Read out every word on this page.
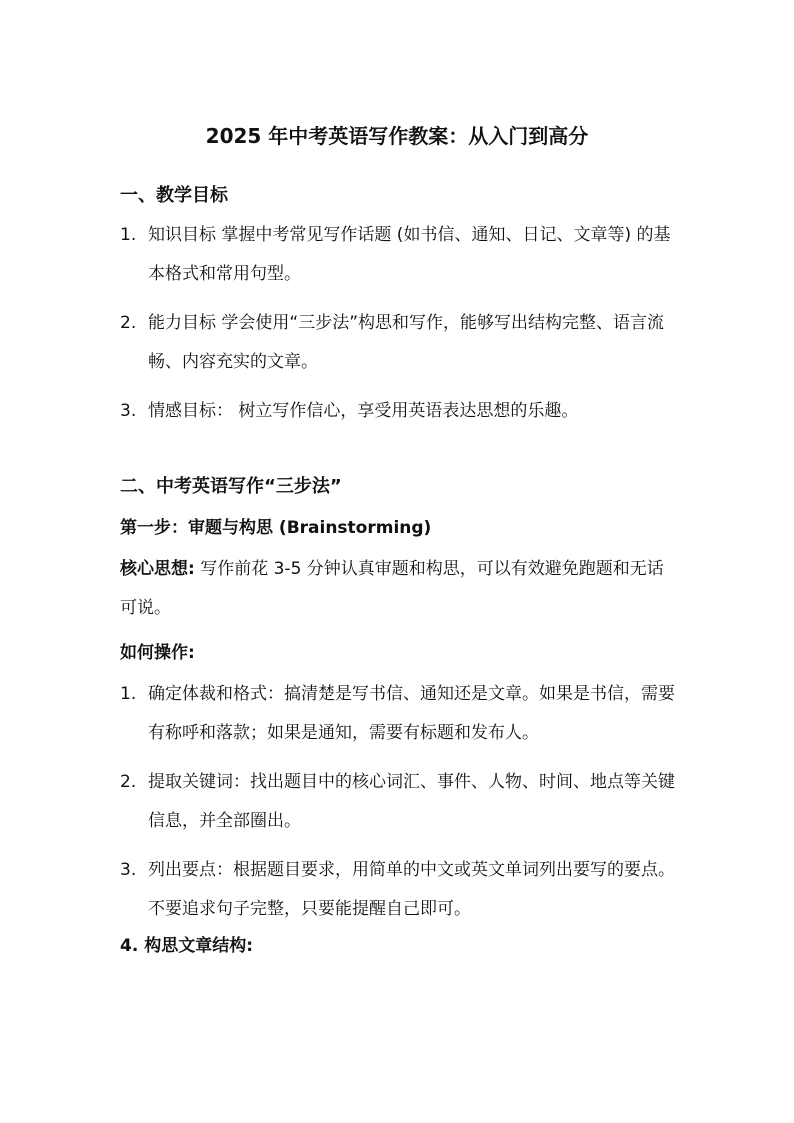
2025 年中考英语写作教案：从入门到高分
一、教学目标
1. 知识目标 掌握中考常见写作话题 (如书信、通知、日记、文章等) 的基本格式和常用句型。
2. 能力目标 学会使用“三步法”构思和写作，能够写出结构完整、语言流畅、内容充实的文章。
3. 情感目标： 树立写作信心，享受用英语表达思想的乐趣。
二、中考英语写作“三步法”
第一步：审题与构思 (Brainstorming)

核心思想: 写作前花 3-5 分钟认真审题和构思，可以有效避免跑题和无话可说。

如何操作:
1. 确定体裁和格式：搞清楚是写书信、通知还是文章。如果是书信，需要有称呼和落款；如果是通知，需要有标题和发布人。
2. 提取关键词：找出题目中的核心词汇、事件、人物、时间、地点等关键信息，并全部圈出。
3. 列出要点：根据题目要求，用简单的中文或英文单词列出要写的要点。不要追求句子完整，只要能提醒自己即可。
4. 构思文章结构:
